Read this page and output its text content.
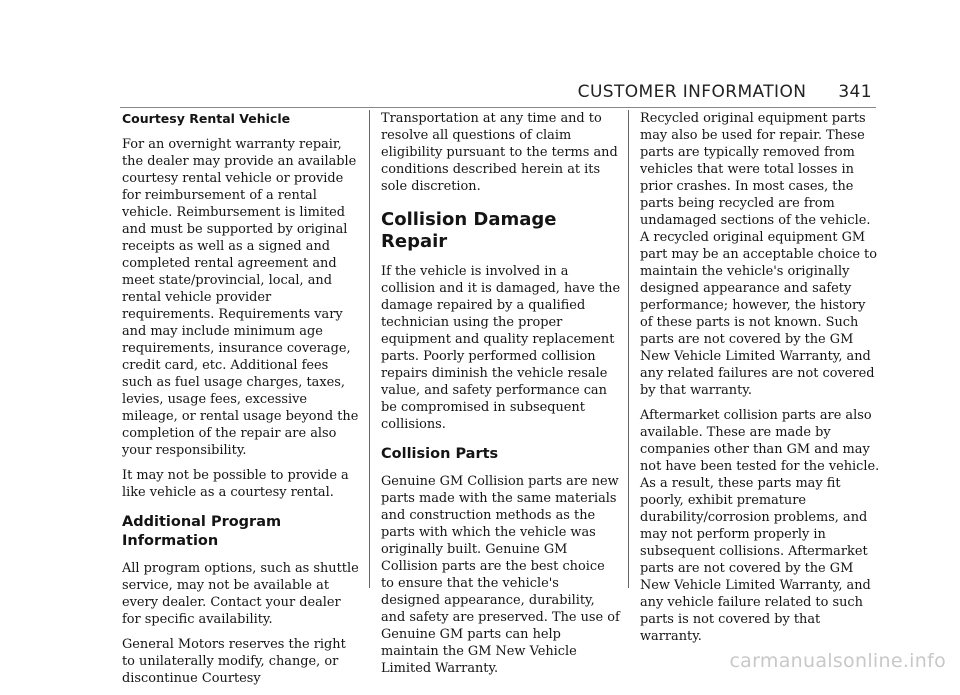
CUSTOMER INFORMATION 341
Courtesy Rental Vehicle

For an overnight warranty repair, the dealer may provide an available courtesy rental vehicle or provide for reimbursement of a rental vehicle. Reimbursement is limited and must be supported by original receipts as well as a signed and completed rental agreement and meet state/provincial, local, and rental vehicle provider requirements. Requirements vary and may include minimum age requirements, insurance coverage, credit card, etc. Additional fees such as fuel usage charges, taxes, levies, usage fees, excessive mileage, or rental usage beyond the completion of the repair are also your responsibility.

It may not be possible to provide a like vehicle as a courtesy rental.

Additional Program Information

All program options, such as shuttle service, may not be available at every dealer. Contact your dealer for specific availability.

General Motors reserves the right to unilaterally modify, change, or discontinue Courtesy

Transportation at any time and to resolve all questions of claim eligibility pursuant to the terms and conditions described herein at its sole discretion.

Collision Damage Repair

If the vehicle is involved in a collision and it is damaged, have the damage repaired by a qualified technician using the proper equipment and quality replacement parts. Poorly performed collision repairs diminish the vehicle resale value, and safety performance can be compromised in subsequent collisions.

Collision Parts

Genuine GM Collision parts are new parts made with the same materials and construction methods as the parts with which the vehicle was originally built. Genuine GM Collision parts are the best choice to ensure that the vehicle's designed appearance, durability, and safety are preserved. The use of Genuine GM parts can help maintain the GM New Vehicle Limited Warranty.

Recycled original equipment parts may also be used for repair. These parts are typically removed from vehicles that were total losses in prior crashes. In most cases, the parts being recycled are from undamaged sections of the vehicle. A recycled original equipment GM part may be an acceptable choice to maintain the vehicle's originally designed appearance and safety performance; however, the history of these parts is not known. Such parts are not covered by the GM New Vehicle Limited Warranty, and any related failures are not covered by that warranty.

Aftermarket collision parts are also available. These are made by companies other than GM and may not have been tested for the vehicle. As a result, these parts may fit poorly, exhibit premature durability/corrosion problems, and may not perform properly in subsequent collisions. Aftermarket parts are not covered by the GM New Vehicle Limited Warranty, and any vehicle failure related to such parts is not covered by that warranty.

carmanualsonline.info
